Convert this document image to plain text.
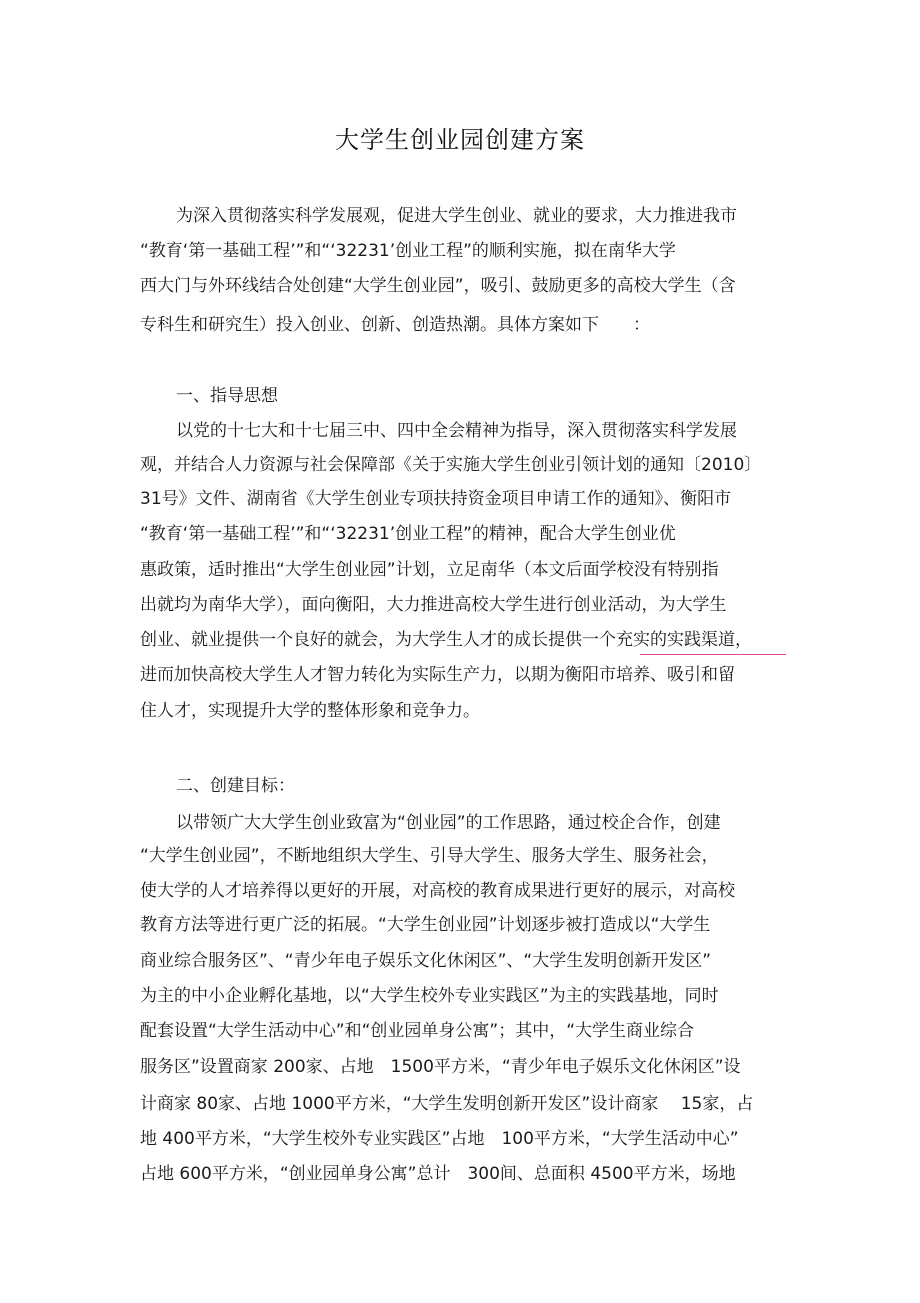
大学生创业园创建方案
为深入贯彻落实科学发展观，促进大学生创业、就业的要求，大力推进我市
“教育‘第一基础工程’”和“‘32231’创业工程”的顺利实施，拟在南华大学
西大门与外环线结合处创建“大学生创业园”，吸引、鼓励更多的高校大学生（含
专科生和研究生）投入创业、创新、创造热潮。具体方案如下　　：
一、指导思想
以党的十七大和十七届三中、四中全会精神为指导，深入贯彻落实科学发展
观，并结合人力资源与社会保障部《关于实施大学生创业引领计划的通知〔2010〕
31号》文件、湖南省《大学生创业专项扶持资金项目申请工作的通知》、衡阳市
“教育‘第一基础工程’”和“‘32231’创业工程”的精神，配合大学生创业优
惠政策，适时推出“大学生创业园”计划，立足南华（本文后面学校没有特别指
出就均为南华大学），面向衡阳，大力推进高校大学生进行创业活动，为大学生
创业、就业提供一个良好的就会，为大学生人才的成长提供一个充实的实践渠道，
进而加快高校大学生人才智力转化为实际生产力，以期为衡阳市培养、吸引和留
住人才，实现提升大学的整体形象和竞争力。
二、创建目标：
以带领广大大学生创业致富为“创业园”的工作思路，通过校企合作，创建
“大学生创业园”，不断地组织大学生、引导大学生、服务大学生、服务社会，
使大学的人才培养得以更好的开展，对高校的教育成果进行更好的展示，对高校
教育方法等进行更广泛的拓展。“大学生创业园”计划逐步被打造成以“大学生
商业综合服务区”、“青少年电子娱乐文化休闲区”、“大学生发明创新开发区”
为主的中小企业孵化基地，以“大学生校外专业实践区”为主的实践基地，同时
配套设置“大学生活动中心”和“创业园单身公寓”；其中，“大学生商业综合
服务区”设置商家 200家、占地　1500平方米，“青少年电子娱乐文化休闲区”设
计商家 80家、占地 1000平方米，“大学生发明创新开发区”设计商家　 15家，占
地 400平方米，“大学生校外专业实践区”占地　100平方米，“大学生活动中心”
占地 600平方米，“创业园单身公寓”总计　300间、总面积 4500平方米，场地
